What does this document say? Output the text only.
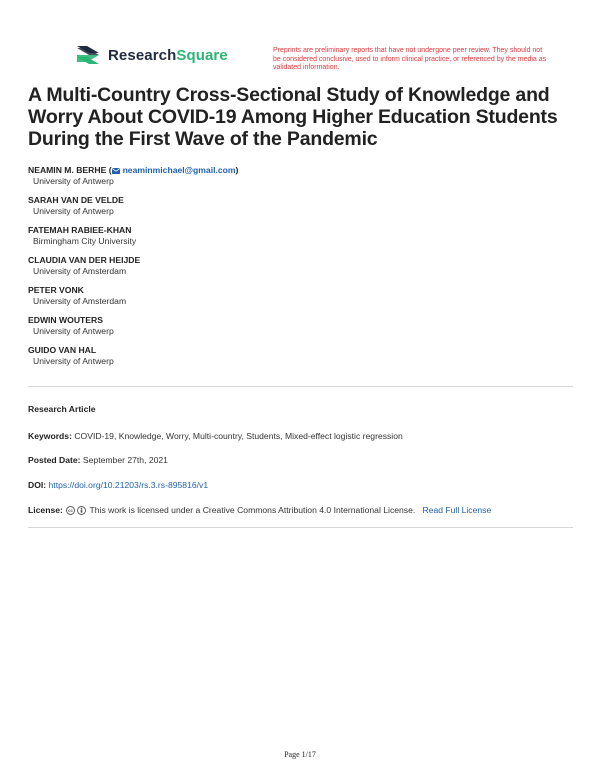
ResearchSquare	Preprints are preliminary reports that have not undergone peer review. They should not be considered conclusive, used to inform clinical practice, or referenced by the media as validated information.
A Multi-Country Cross-Sectional Study of Knowledge and Worry About COVID-19 Among Higher Education Students During the First Wave of the Pandemic
NEAMIN M. BERHE ( neaminmichael@gmail.com)
University of Antwerp
SARAH VAN DE VELDE
University of Antwerp
FATEMAH RABIEE-KHAN
Birmingham City University
CLAUDIA VAN DER HEIJDE
University of Amsterdam
PETER VONK
University of Amsterdam
EDWIN WOUTERS
University of Antwerp
GUIDO VAN HAL
University of Antwerp
Research Article
Keywords: COVID-19, Knowledge, Worry, Multi-country, Students, Mixed-effect logistic regression
Posted Date: September 27th, 2021
DOI: https://doi.org/10.21203/rs.3.rs-895816/v1
License: cc This work is licensed under a Creative Commons Attribution 4.0 International License. Read Full License
Page 1/17
